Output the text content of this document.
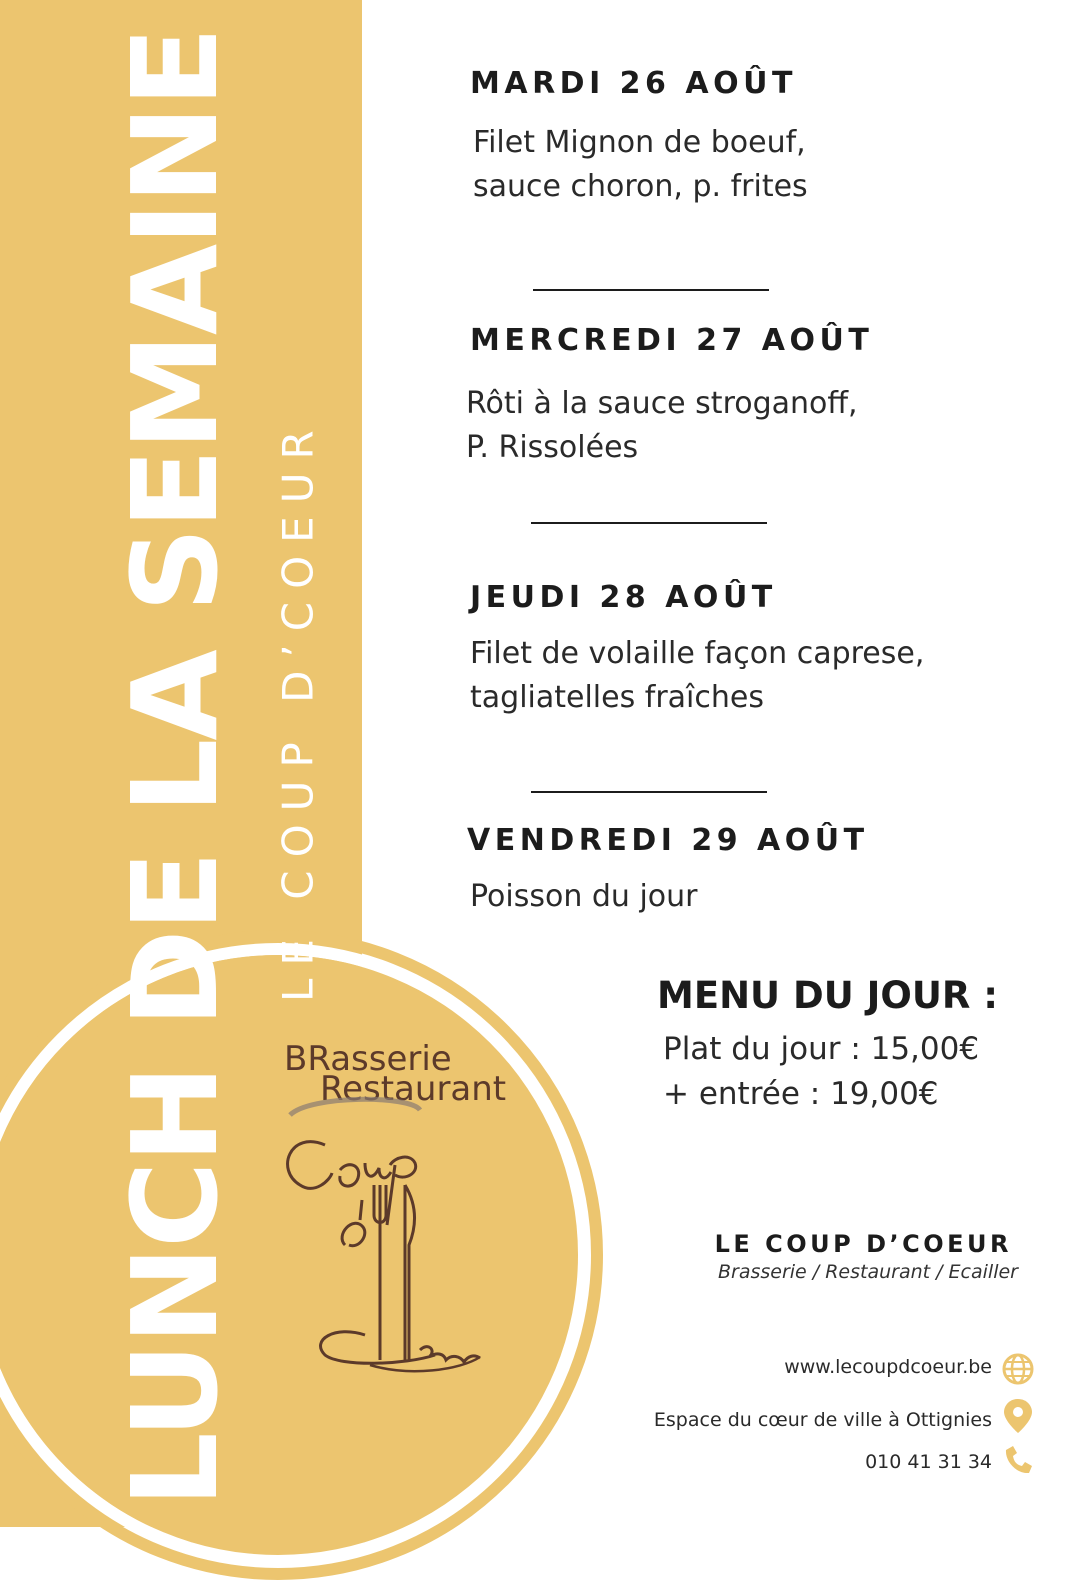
LUNCH DE LA SEMAINE LE COUP D’COEUR
BRasserie
Restaurant
MARDI 26 AOÛT
Filet Mignon de boeuf,
sauce choron, p. frites
MERCREDI 27 AOÛT
Rôti à la sauce stroganoff,
P. Rissolées
JEUDI 28 AOÛT
Filet de volaille façon caprese,
tagliatelles fraîches
VENDREDI 29 AOÛT
Poisson du jour
MENU DU JOUR :
Plat du jour : 15,00€
+ entrée : 19,00€
LE COUP D’COEUR
Brasserie / Restaurant / Ecailler
www.lecoupdcoeur.be
Espace du cœur de ville à Ottignies
010 41 31 34
